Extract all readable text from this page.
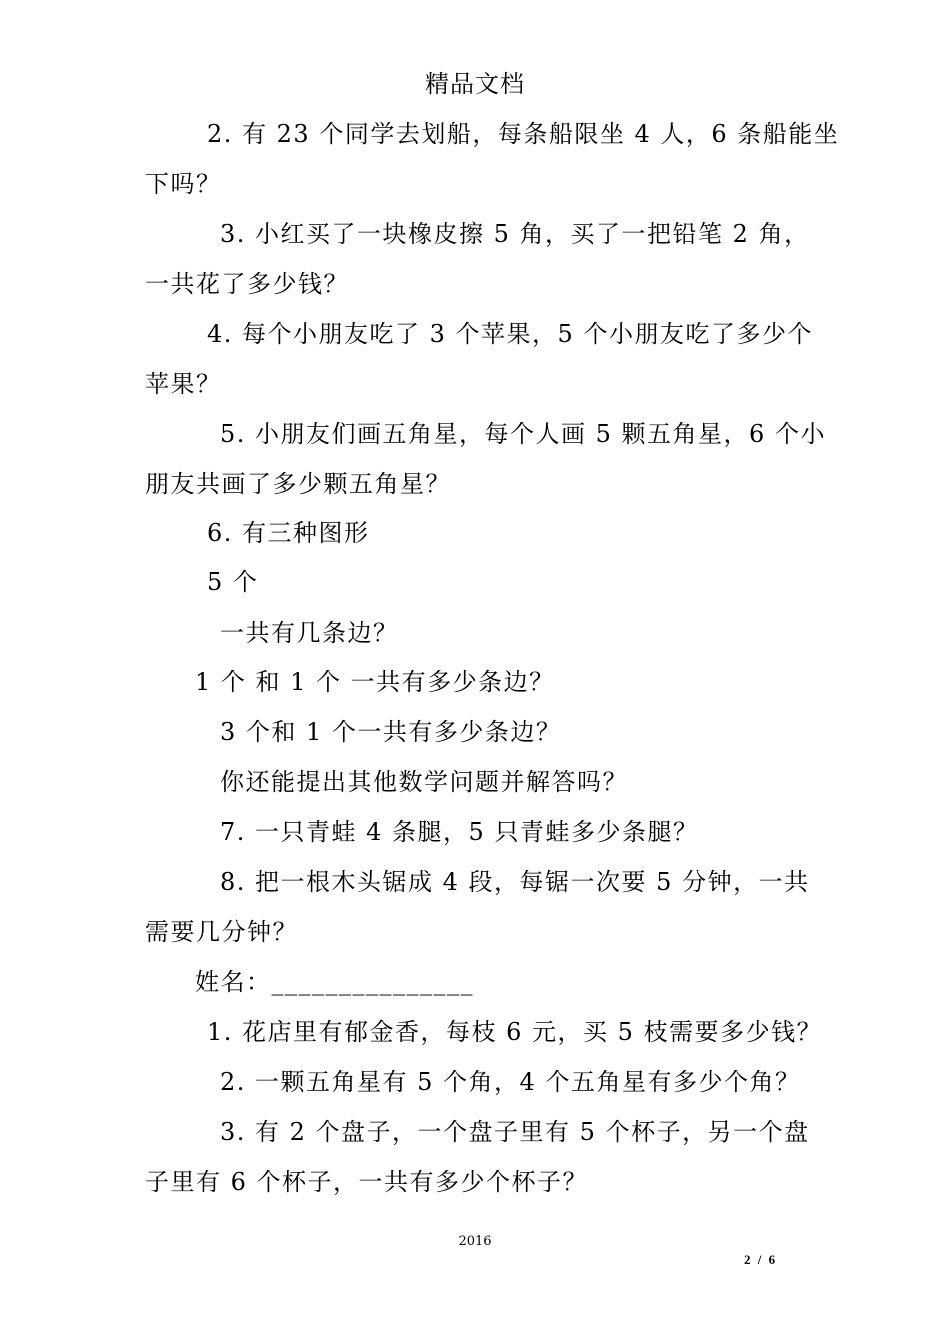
精品文档
2. 有 23 个同学去划船，每条船限坐 4 人，6 条船能坐
下吗？
3. 小红买了一块橡皮擦 5 角，买了一把铅笔 2 角，
一共花了多少钱？
4. 每个小朋友吃了 3 个苹果，5 个小朋友吃了多少个
苹果？
5. 小朋友们画五角星，每个人画 5 颗五角星，6 个小
朋友共画了多少颗五角星？
6. 有三种图形
5 个
一共有几条边？
1 个 和 1 个 一共有多少条边？
3 个和 1 个一共有多少条边？
你还能提出其他数学问题并解答吗？
7. 一只青蛙 4 条腿，5 只青蛙多少条腿？
8. 把一根木头锯成 4 段，每锯一次要 5 分钟，一共
需要几分钟？
姓名：_______________
1. 花店里有郁金香，每枝 6 元，买 5 枝需要多少钱？
2. 一颗五角星有 5 个角，4 个五角星有多少个角？
3. 有 2 个盘子，一个盘子里有 5 个杯子，另一个盘
子里有 6 个杯子，一共有多少个杯子？
2016
2 / 6
